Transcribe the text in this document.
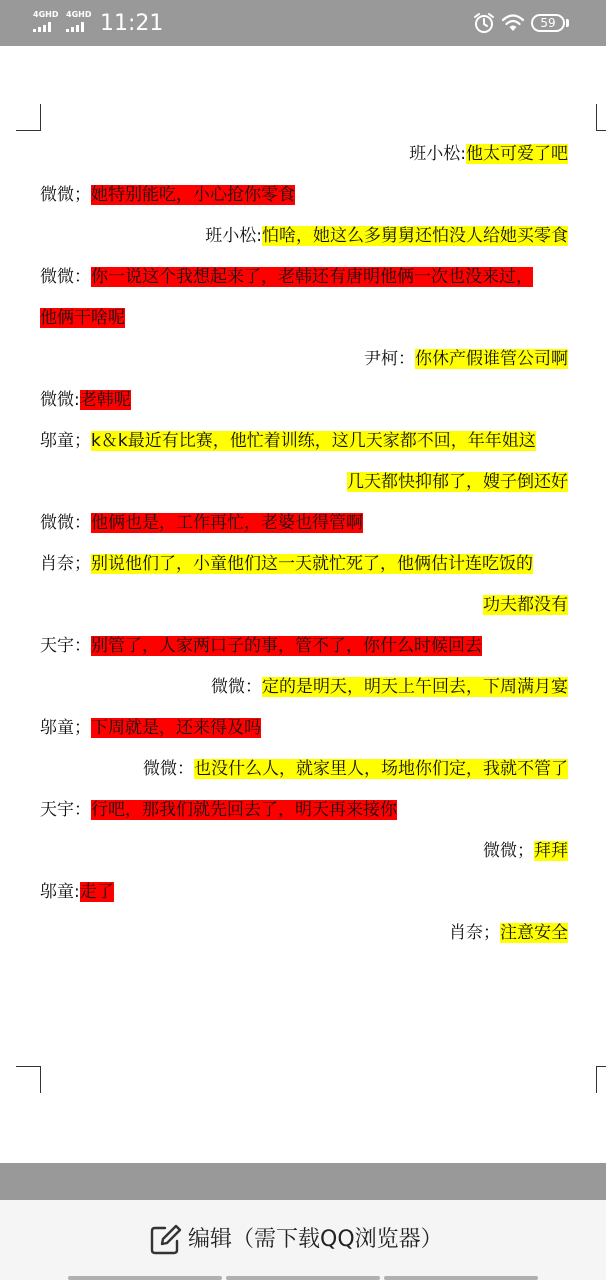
4GHD 4GHD 11:21	59
班小松:他太可爱了吧
微微；她特别能吃，小心抢你零食
班小松:怕啥，她这么多舅舅还怕没人给她买零食
微微：你一说这个我想起来了，老韩还有唐明他俩一次也没来过，
他俩干啥呢
尹柯：你休产假谁管公司啊
微微:老韩呢
邬童；k＆k最近有比赛，他忙着训练，这几天家都不回，年年姐这
几天都快抑郁了，嫂子倒还好
微微：他俩也是，工作再忙，老婆也得管啊
肖奈；别说他们了，小童他们这一天就忙死了，他俩估计连吃饭的
功夫都没有
天宇：别管了，人家两口子的事，管不了，你什么时候回去
微微：定的是明天，明天上午回去，下周满月宴
邬童；下周就是，还来得及吗
微微：也没什么人，就家里人，场地你们定，我就不管了
天宇：行吧，那我们就先回去了，明天再来接你
微微；拜拜
邬童:走了
肖奈；注意安全
编辑（需下载QQ浏览器）
